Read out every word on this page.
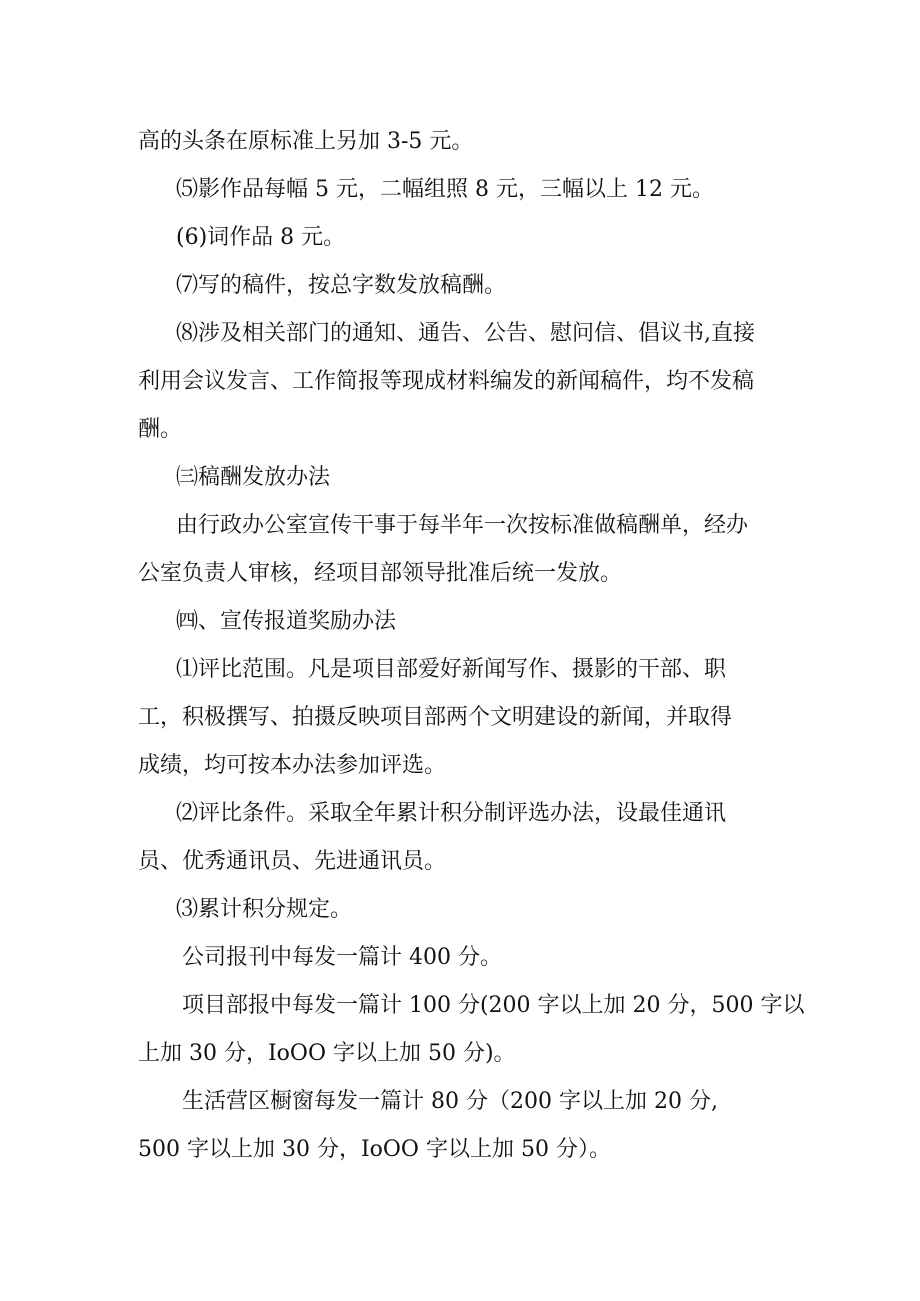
高的头条在原标准上另加 3-5 元。
⑸影作品每幅 5 元，二幅组照 8 元，三幅以上 12 元。
(6)词作品 8 元。
⑺写的稿件，按总字数发放稿酬。
⑻涉及相关部门的通知、通告、公告、慰问信、倡议书,直接
利用会议发言、工作简报等现成材料编发的新闻稿件，均不发稿
酬。
㈢稿酬发放办法
由行政办公室宣传干事于每半年一次按标准做稿酬单，经办
公室负责人审核，经项目部领导批准后统一发放。
㈣、宣传报道奖励办法
⑴评比范围。凡是项目部爱好新闻写作、摄影的干部、职
工，积极撰写、拍摄反映项目部两个文明建设的新闻，并取得
成绩，均可按本办法参加评选。
⑵评比条件。采取全年累计积分制评选办法，设最佳通讯
员、优秀通讯员、先进通讯员。
⑶累计积分规定。
公司报刊中每发一篇计 400 分。
项目部报中每发一篇计 100 分(200 字以上加 20 分，500 字以
上加 30 分，IoOO 字以上加 50 分)。
生活营区橱窗每发一篇计 80 分（200 字以上加 20 分,
500 字以上加 30 分，IoOO 字以上加 50 分）。
